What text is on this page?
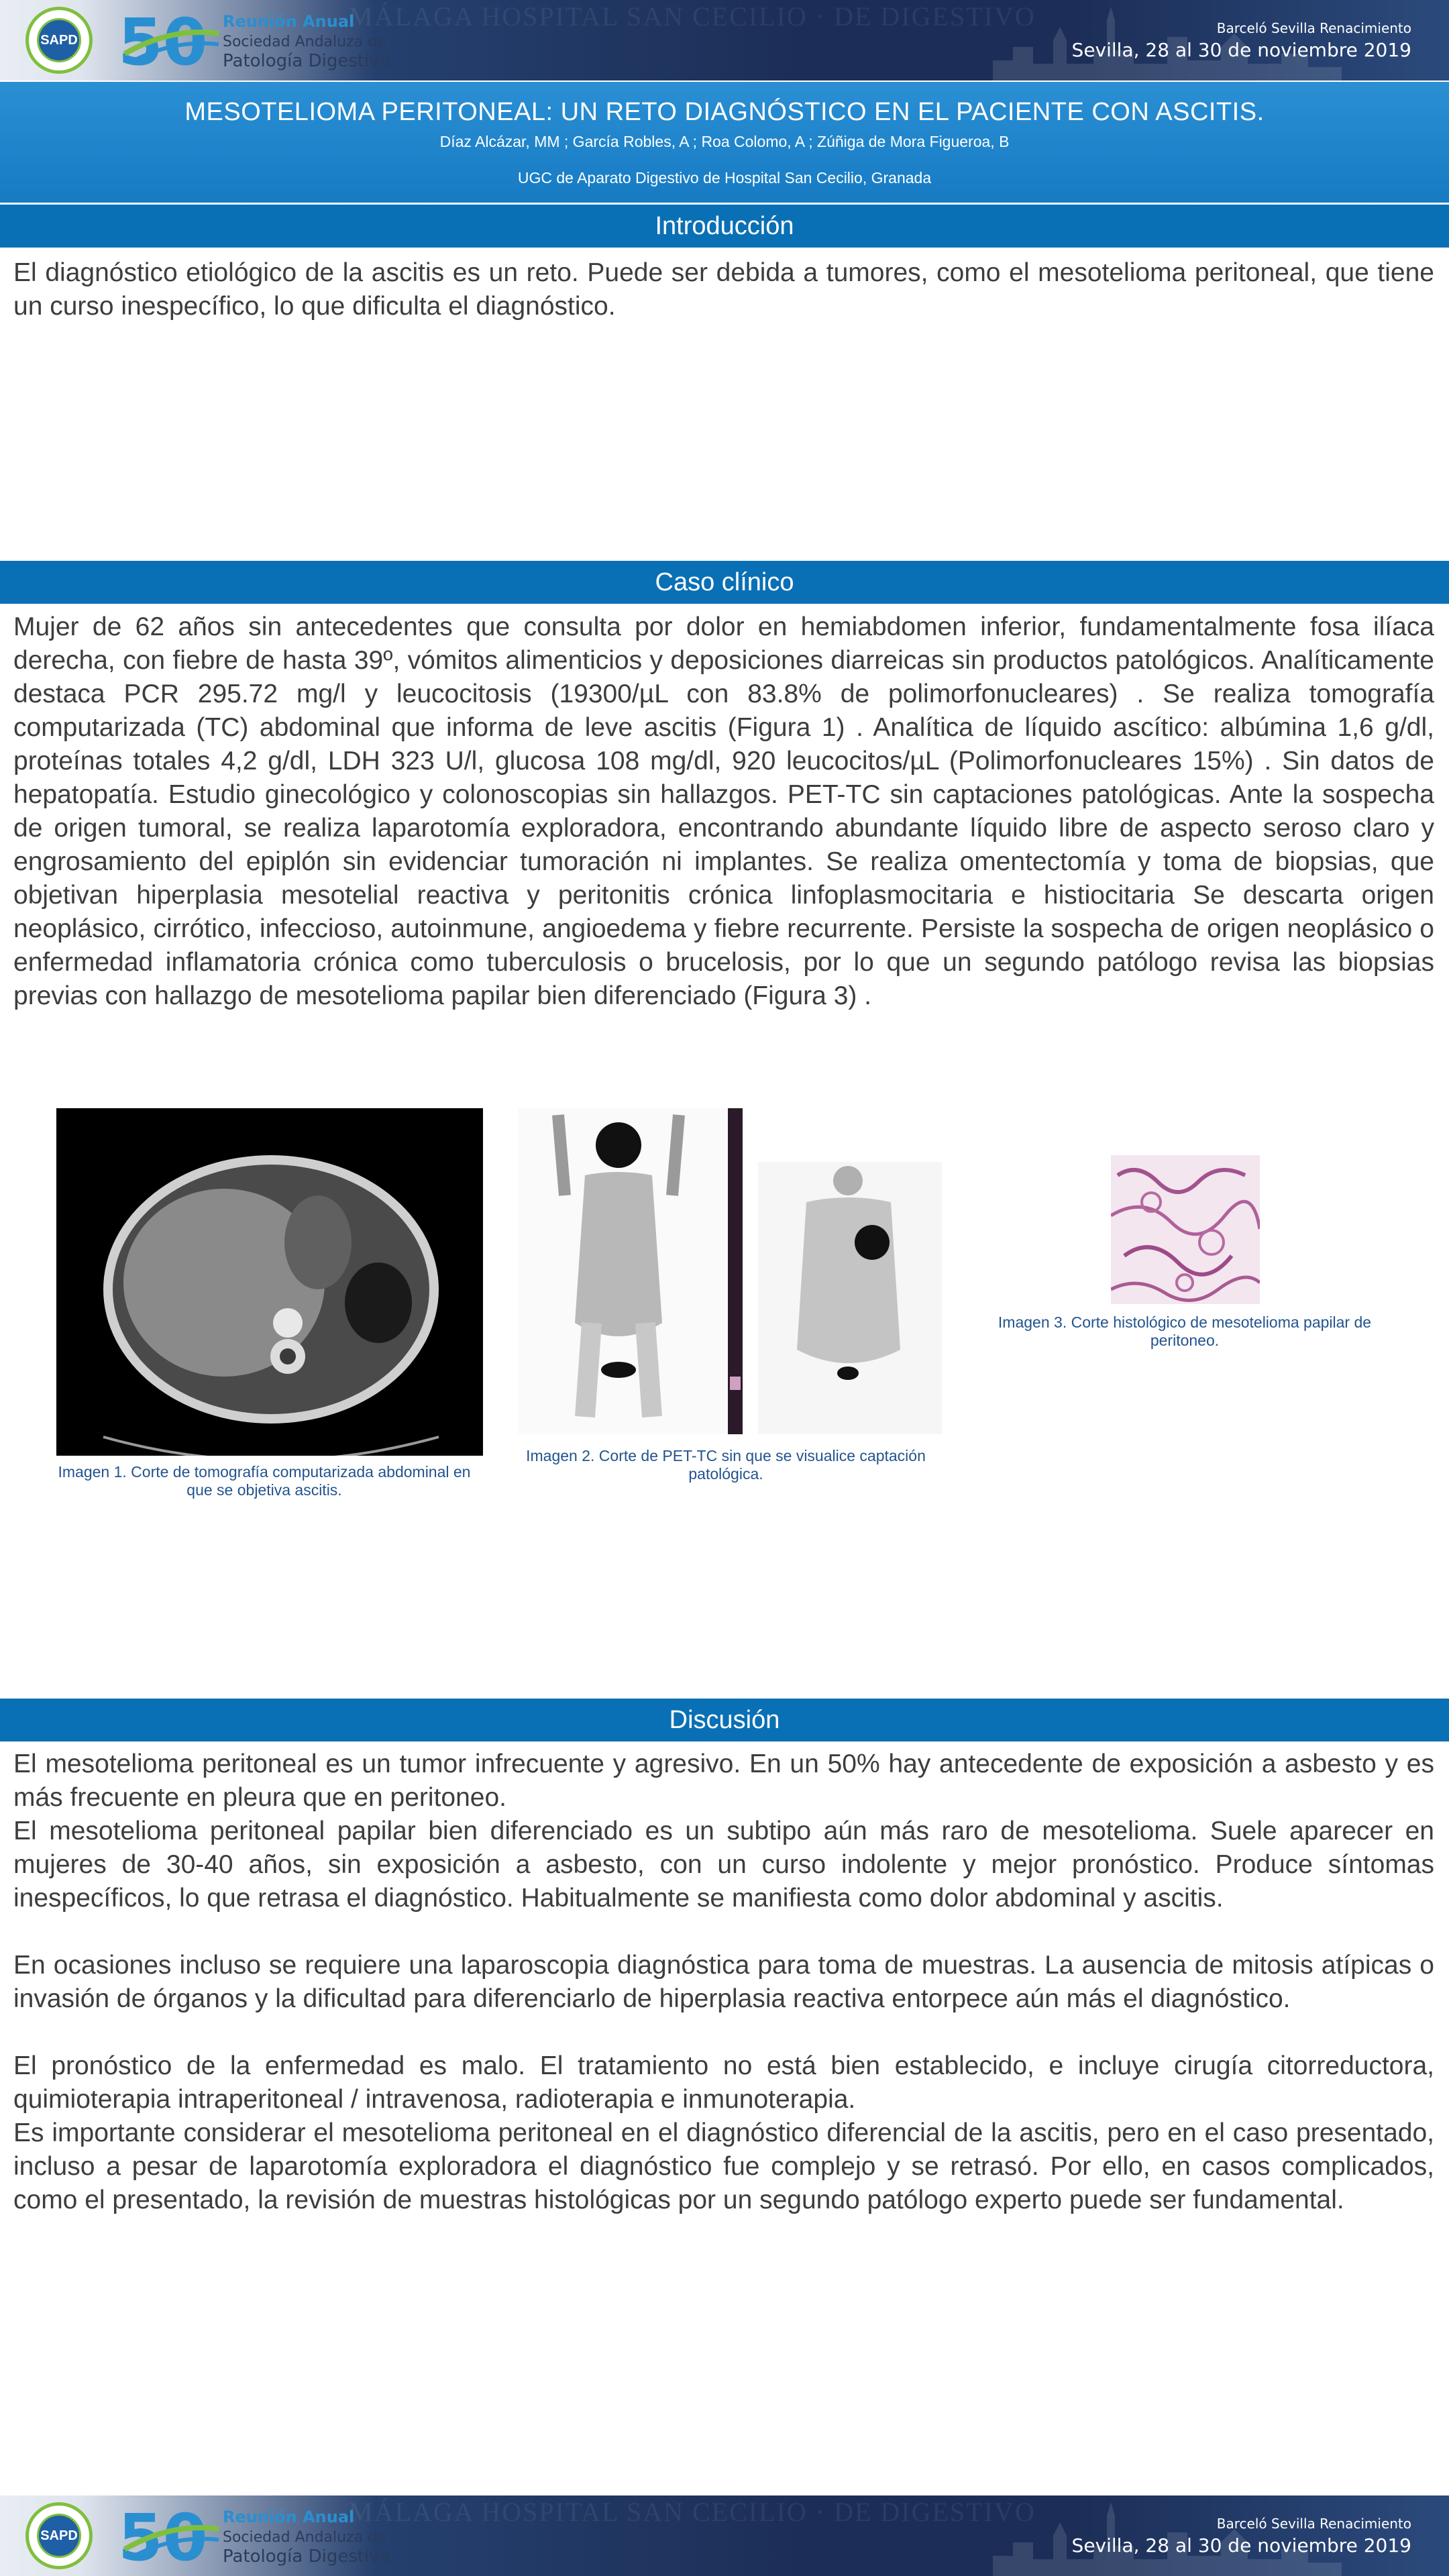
MÁLAGA HOSPITAL SAN CECILIO · DE DIGESTIVO
SAPD 50 Reunión Anual
Sociedad Andaluza de
Patología Digestiva
Barceló Sevilla Renacimiento
Sevilla, 28 al 30 de noviembre 2019
MESOTELIOMA PERITONEAL: UN RETO DIAGNÓSTICO EN EL PACIENTE CON ASCITIS.
Díaz Alcázar, MM ; García Robles, A ; Roa Colomo, A ; Zúñiga de Mora Figueroa, B
UGC de Aparato Digestivo de Hospital San Cecilio, Granada
Introducción

El diagnóstico etiológico de la ascitis es un reto. Puede ser debida a tumores, como el mesotelioma peritoneal, que tiene un curso inespecífico, lo que dificulta el diagnóstico.

Caso clínico

Mujer de 62 años sin antecedentes que consulta por dolor en hemiabdomen inferior, fundamentalmente fosa ilíaca derecha, con fiebre de hasta 39º, vómitos alimenticios y deposiciones diarreicas sin productos patológicos. Analíticamente destaca PCR 295.72 mg/l y leucocitosis (19300/µL con 83.8% de polimorfonucleares) . Se realiza tomografía computarizada (TC) abdominal que informa de leve ascitis (Figura 1) . Analítica de líquido ascítico: albúmina 1,6 g/dl, proteínas totales 4,2 g/dl, LDH 323 U/l, glucosa 108 mg/dl, 920 leucocitos/µL (Polimorfonucleares 15%) . Sin datos de hepatopatía. Estudio ginecológico y colonoscopias sin hallazgos. PET-TC sin captaciones patológicas. Ante la sospecha de origen tumoral, se realiza laparotomía exploradora, encontrando abundante líquido libre de aspecto seroso claro y engrosamiento del epiplón sin evidenciar tumoración ni implantes. Se realiza omentectomía y toma de biopsias, que objetivan hiperplasia mesotelial reactiva y peritonitis crónica linfoplasmocitaria e histiocitaria Se descarta origen neoplásico, cirrótico, infeccioso, autoinmune, angioedema y fiebre recurrente. Persiste la sospecha de origen neoplásico o enfermedad inflamatoria crónica como tuberculosis o brucelosis, por lo que un segundo patólogo revisa las biopsias previas con hallazgo de mesotelioma papilar bien diferenciado (Figura 3) .

Imagen 1. Corte de tomografía computarizada abdominal en que se objetiva ascitis.
Imagen 2. Corte de PET-TC sin que se visualice captación patológica.
Imagen 3. Corte histológico de mesotelioma papilar de peritoneo.
Discusión

El mesotelioma peritoneal es un tumor infrecuente y agresivo. En un 50% hay antecedente de exposición a asbesto y es más frecuente en pleura que en peritoneo.

El mesotelioma peritoneal papilar bien diferenciado es un subtipo aún más raro de mesotelioma. Suele aparecer en mujeres de 30-40 años, sin exposición a asbesto, con un curso indolente y mejor pronóstico. Produce síntomas inespecíficos, lo que retrasa el diagnóstico. Habitualmente se manifiesta como dolor abdominal y ascitis.

En ocasiones incluso se requiere una laparoscopia diagnóstica para toma de muestras. La ausencia de mitosis atípicas o invasión de órganos y la dificultad para diferenciarlo de hiperplasia reactiva entorpece aún más el diagnóstico.

El pronóstico de la enfermedad es malo. El tratamiento no está bien establecido, e incluye cirugía citorreductora, quimioterapia intraperitoneal / intravenosa, radioterapia e inmunoterapia.

Es importante considerar el mesotelioma peritoneal en el diagnóstico diferencial de la ascitis, pero en el caso presentado, incluso a pesar de laparotomía exploradora el diagnóstico fue complejo y se retrasó. Por ello, en casos complicados, como el presentado, la revisión de muestras histológicas por un segundo patólogo experto puede ser fundamental.

MÁLAGA HOSPITAL SAN CECILIO · DE DIGESTIVO
SAPD 50 Reunión Anual
Sociedad Andaluza de
Patología Digestiva
Barceló Sevilla Renacimiento
Sevilla, 28 al 30 de noviembre 2019
